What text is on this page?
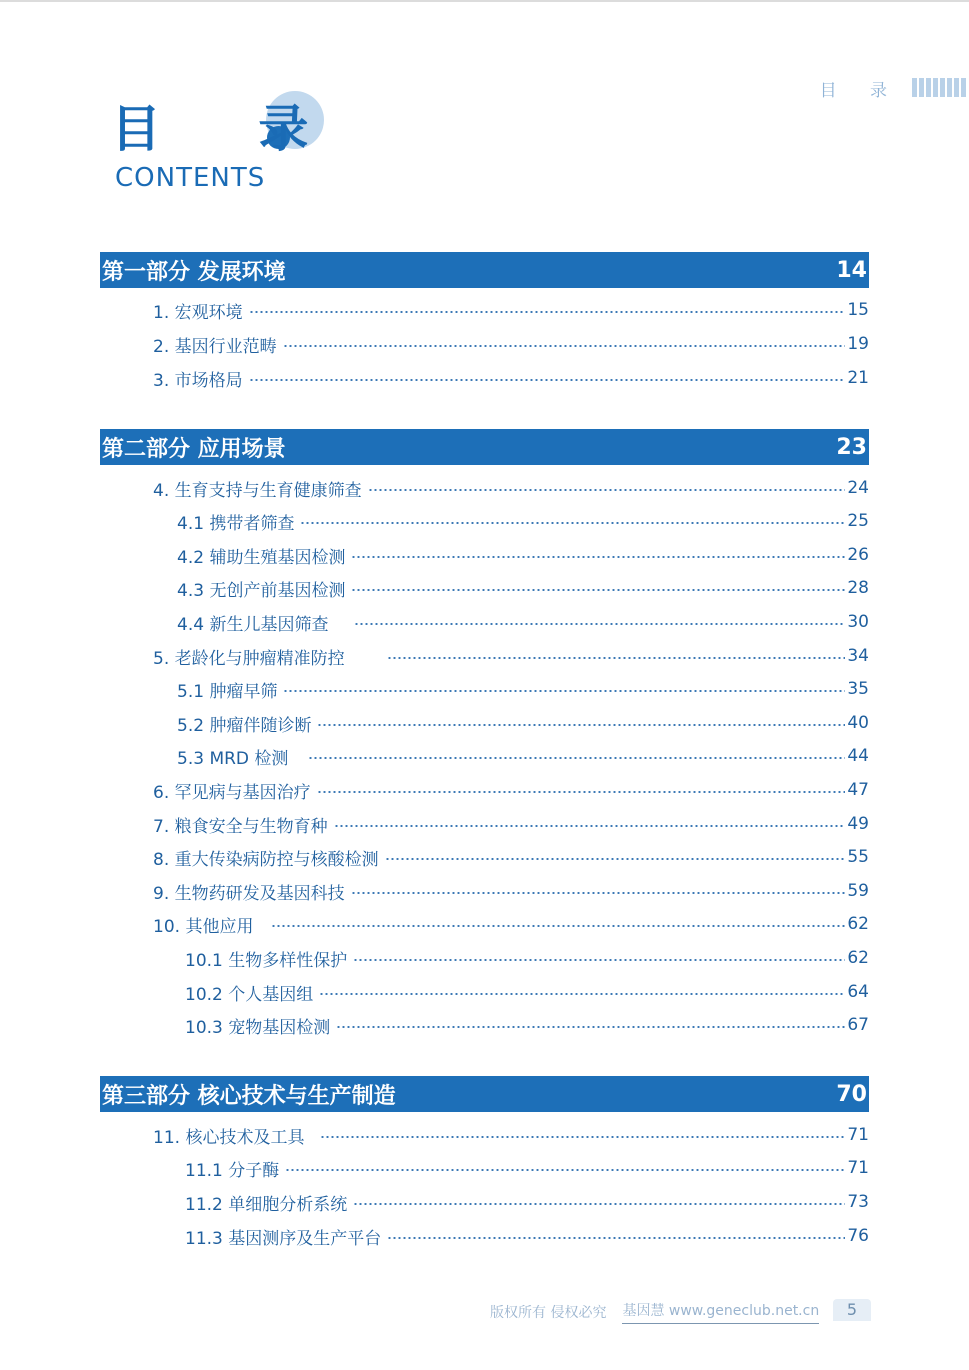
目 录
目 录
CONTENTS
第一部分 发展环境	14
1. 宏观环境	15
2. 基因行业范畴	19
3. 市场格局	21
第二部分 应用场景	23
4. 生育支持与生育健康筛查	24
4.1 携带者筛查	25
4.2 辅助生殖基因检测	26
4.3 无创产前基因检测	28
4.4 新生儿基因筛查	30
5. 老龄化与肿瘤精准防控	34
5.1 肿瘤早筛	35
5.2 肿瘤伴随诊断	40
5.3 MRD 检测	44
6. 罕见病与基因治疗	47
7. 粮食安全与生物育种	49
8. 重大传染病防控与核酸检测	55
9. 生物药研发及基因科技	59
10. 其他应用	62
10.1 生物多样性保护	62
10.2 个人基因组	64
10.3 宠物基因检测	67
第三部分 核心技术与生产制造	70
11. 核心技术及工具	71
11.1 分子酶	71
11.2 单细胞分析系统	73
11.3 基因测序及生产平台	76
版权所有 侵权必究 基因慧 www.geneclub.net.cn	5
